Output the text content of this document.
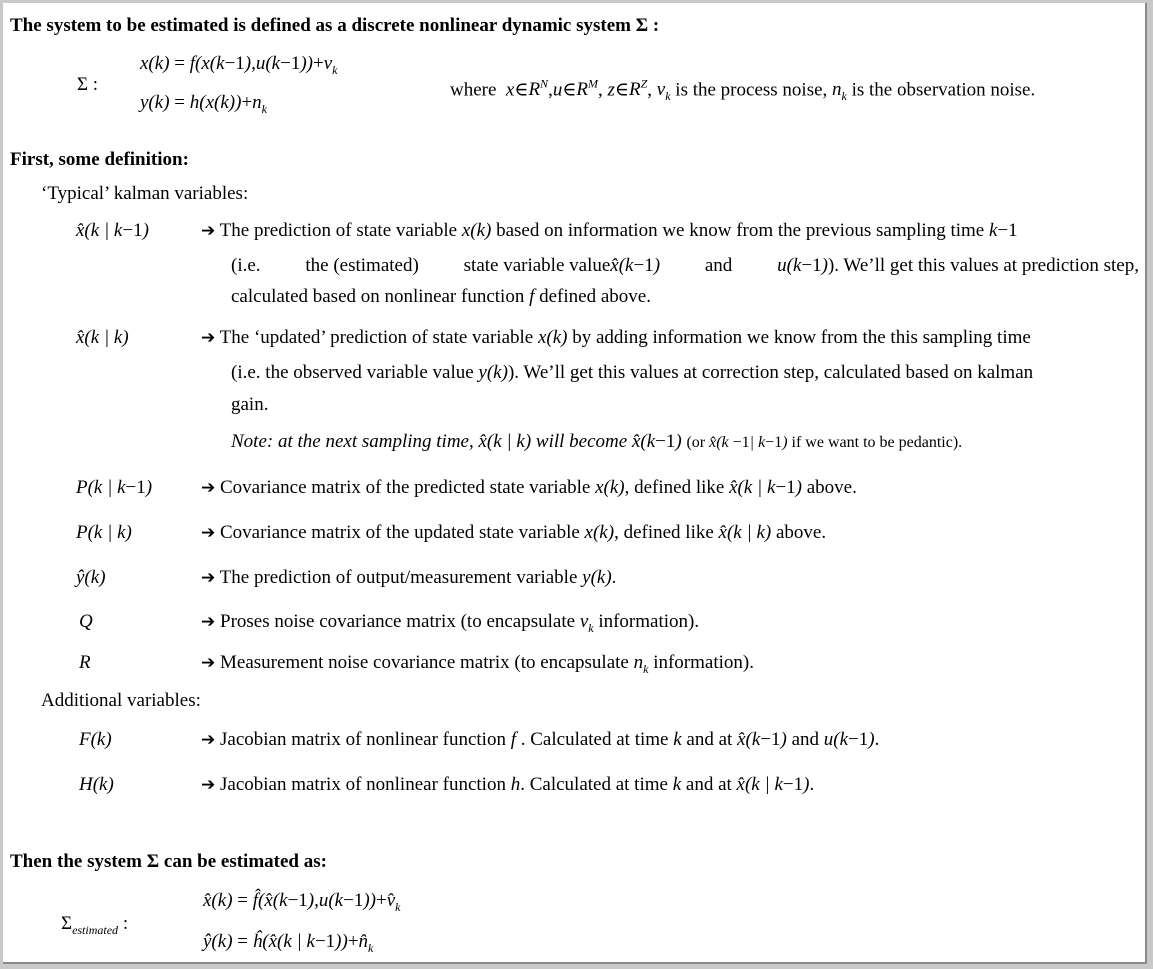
The system to be estimated is defined as a discrete nonlinear dynamic system Σ :
Σ :
$x(k) = f(x(k-1),u(k-1))+v_k$
$y(k) = h(x(k))+n_k$
where $x\in R^N,u\in R^M$, $z\in R^Z$, $v_k$ is the process noise, $n_k$ is the observation noise.
First, some definition:
‘Typical’ kalman variables:
x̂(k | k−1)	➔ The prediction of state variable x(k) based on information we know from the previous sampling time k−1
(i.e. the (estimated) state variable valuex̂(k−1) and u(k−1)). We’ll get this values at prediction step,
calculated based on nonlinear function f defined above.
x̂(k | k)	➔ The ‘updated’ prediction of state variable x(k) by adding information we know from the this sampling time
(i.e. the observed variable value y(k)). We’ll get this values at correction step, calculated based on kalman
gain.
Note: at the next sampling time, x̂(k | k) will become x̂(k−1) (or x̂(k −1| k−1) if we want to be pedantic).
P(k | k−1)	➔ Covariance matrix of the predicted state variable x(k), defined like x̂(k | k−1) above.
P(k | k)	➔ Covariance matrix of the updated state variable x(k), defined like x̂(k | k) above.
ŷ(k)	➔ The prediction of output/measurement variable y(k).
Q	➔ Proses noise covariance matrix (to encapsulate $v_k$ information).
R	➔ Measurement noise covariance matrix (to encapsulate $n_k$ information).
Additional variables:
F(k)	➔ Jacobian matrix of nonlinear function f . Calculated at time k and at x̂(k−1) and u(k−1).
H(k)	➔ Jacobian matrix of nonlinear function h. Calculated at time k and at x̂(k | k−1).
Then the system Σ can be estimated as:
$\Sigma_{estimated}$ :
x̂(k) = $f̂(x̂(k-1),u(k-1))+v̂_k$
ŷ(k) = ĥ(x̂(k | $k-1))+n̂_k$
